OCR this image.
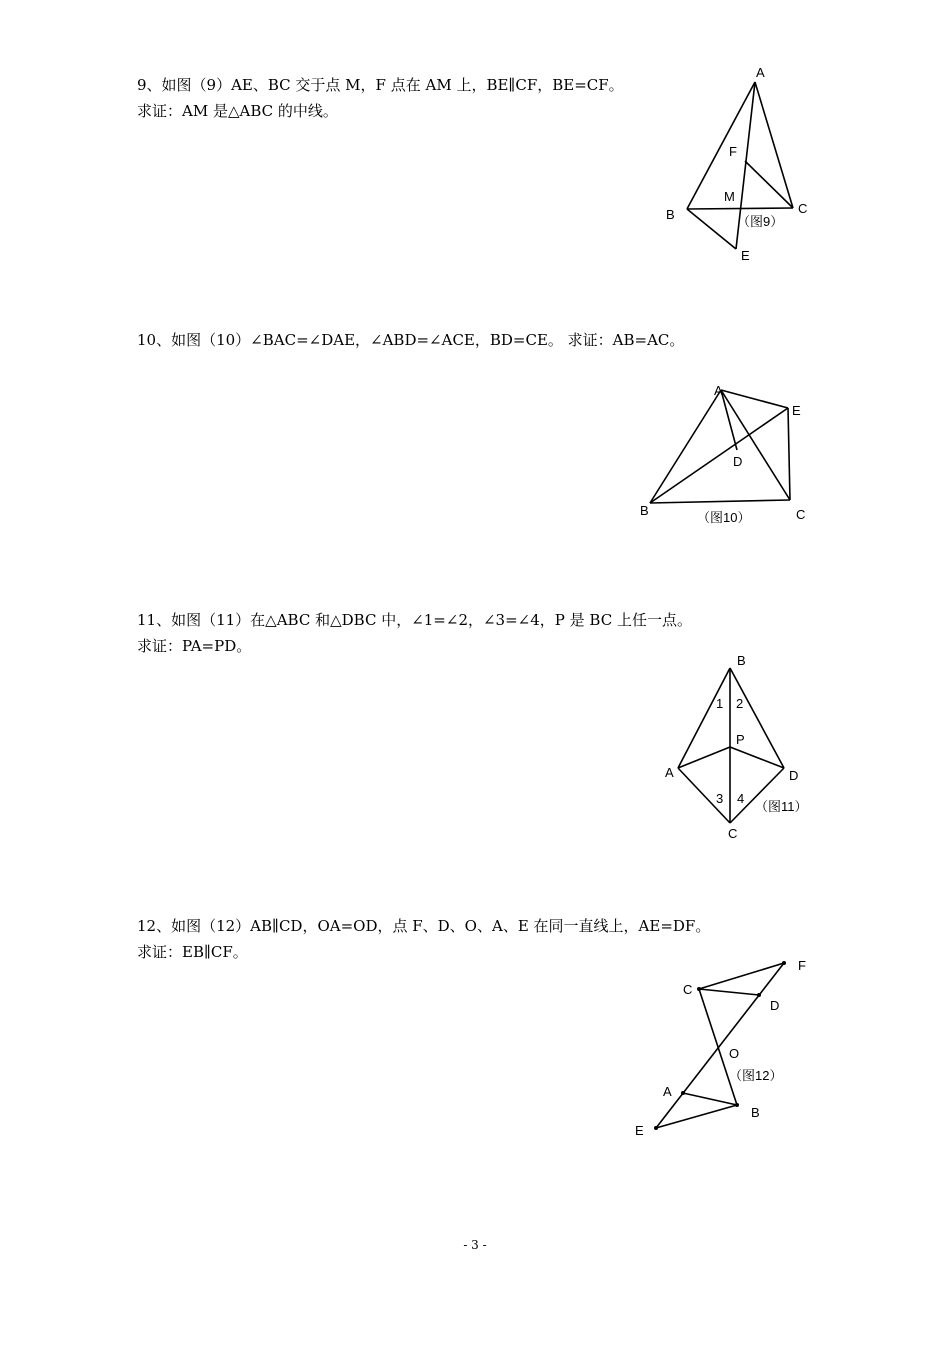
9、如图（9）AE、BC 交于点 M，F 点在 AM 上，BE∥CF，BE=CF。
求证：AM 是△ABC 的中线。
A
F
M
B	C
E
（图9）
A
E
D
B	C
（图10）
B
1 2
P
A	D
3 4
C
（图11）
F
C
D
O
A
B
E
（图12）
10、如图（10）∠BAC=∠DAE，∠ABD=∠ACE，BD=CE。 求证：AB=AC。
11、如图（11）在△ABC 和△DBC 中，∠1=∠2，∠3=∠4，P 是 BC 上任一点。
求证：PA=PD。
12、如图（12）AB∥CD，OA=OD，点 F、D、O、A、E 在同一直线上，AE=DF。
求证：EB∥CF。
- 3 -
